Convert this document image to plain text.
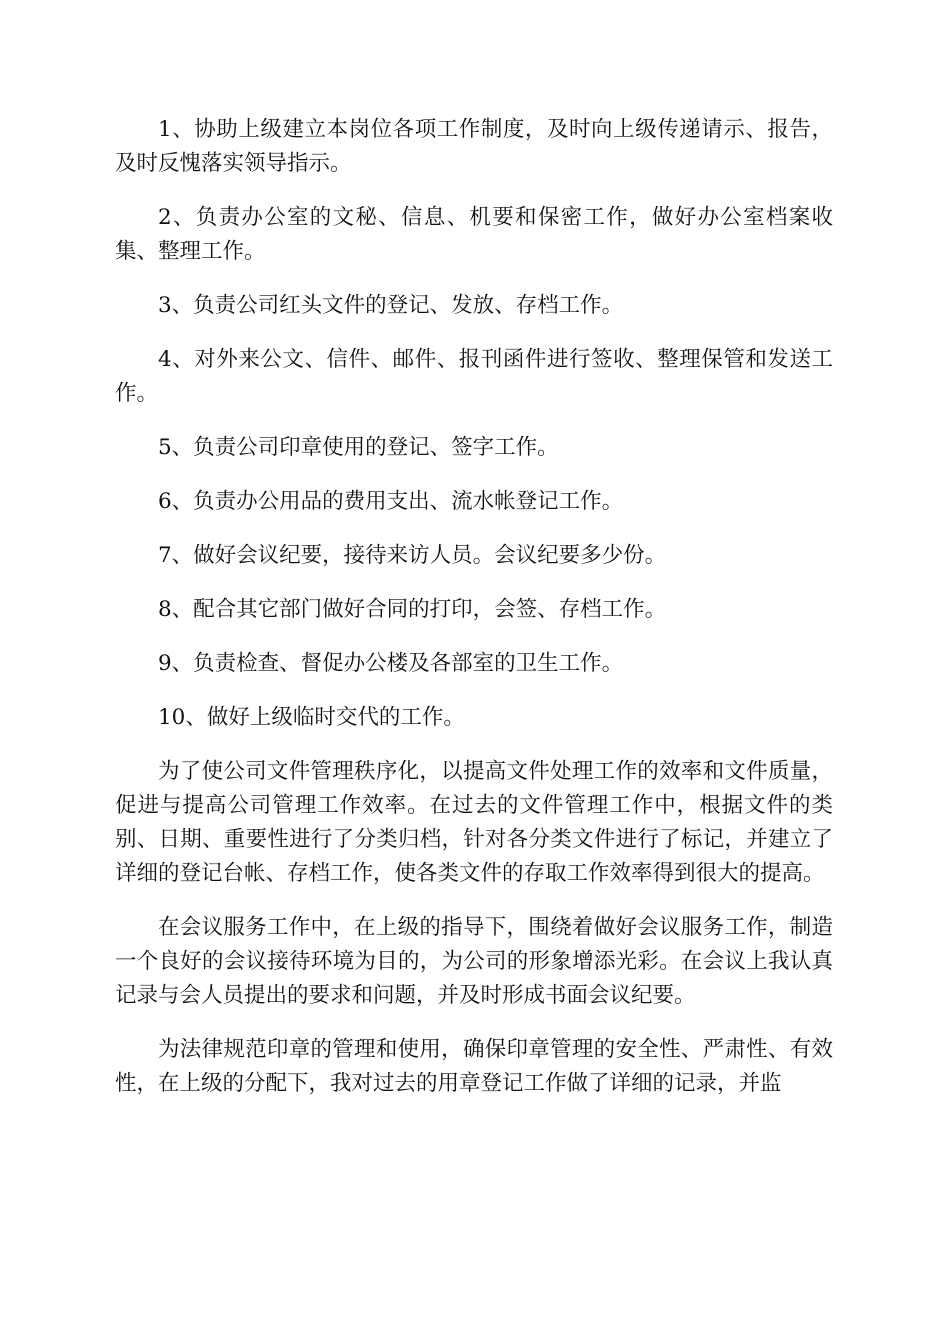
1、协助上级建立本岗位各项工作制度，及时向上级传递请示、报告，及时反愧落实领导指示。

2、负责办公室的文秘、信息、机要和保密工作，做好办公室档案收集、整理工作。

3、负责公司红头文件的登记、发放、存档工作。

4、对外来公文、信件、邮件、报刊函件进行签收、整理保管和发送工作。

5、负责公司印章使用的登记、签字工作。

6、负责办公用品的费用支出、流水帐登记工作。

7、做好会议纪要，接待来访人员。会议纪要多少份。

8、配合其它部门做好合同的打印，会签、存档工作。

9、负责检查、督促办公楼及各部室的卫生工作。

10、做好上级临时交代的工作。

为了使公司文件管理秩序化，以提高文件处理工作的效率和文件质量，促进与提高公司管理工作效率。在过去的文件管理工作中，根据文件的类别、日期、重要性进行了分类归档，针对各分类文件进行了标记，并建立了详细的登记台帐、存档工作，使各类文件的存取工作效率得到很大的提高。

在会议服务工作中，在上级的指导下，围绕着做好会议服务工作，制造一个良好的会议接待环境为目的，为公司的形象增添光彩。在会议上我认真记录与会人员提出的要求和问题，并及时形成书面会议纪要。

为法律规范印章的管理和使用，确保印章管理的安全性、严肃性、有效性，在上级的分配下，我对过去的用章登记工作做了详细的记录，并监
